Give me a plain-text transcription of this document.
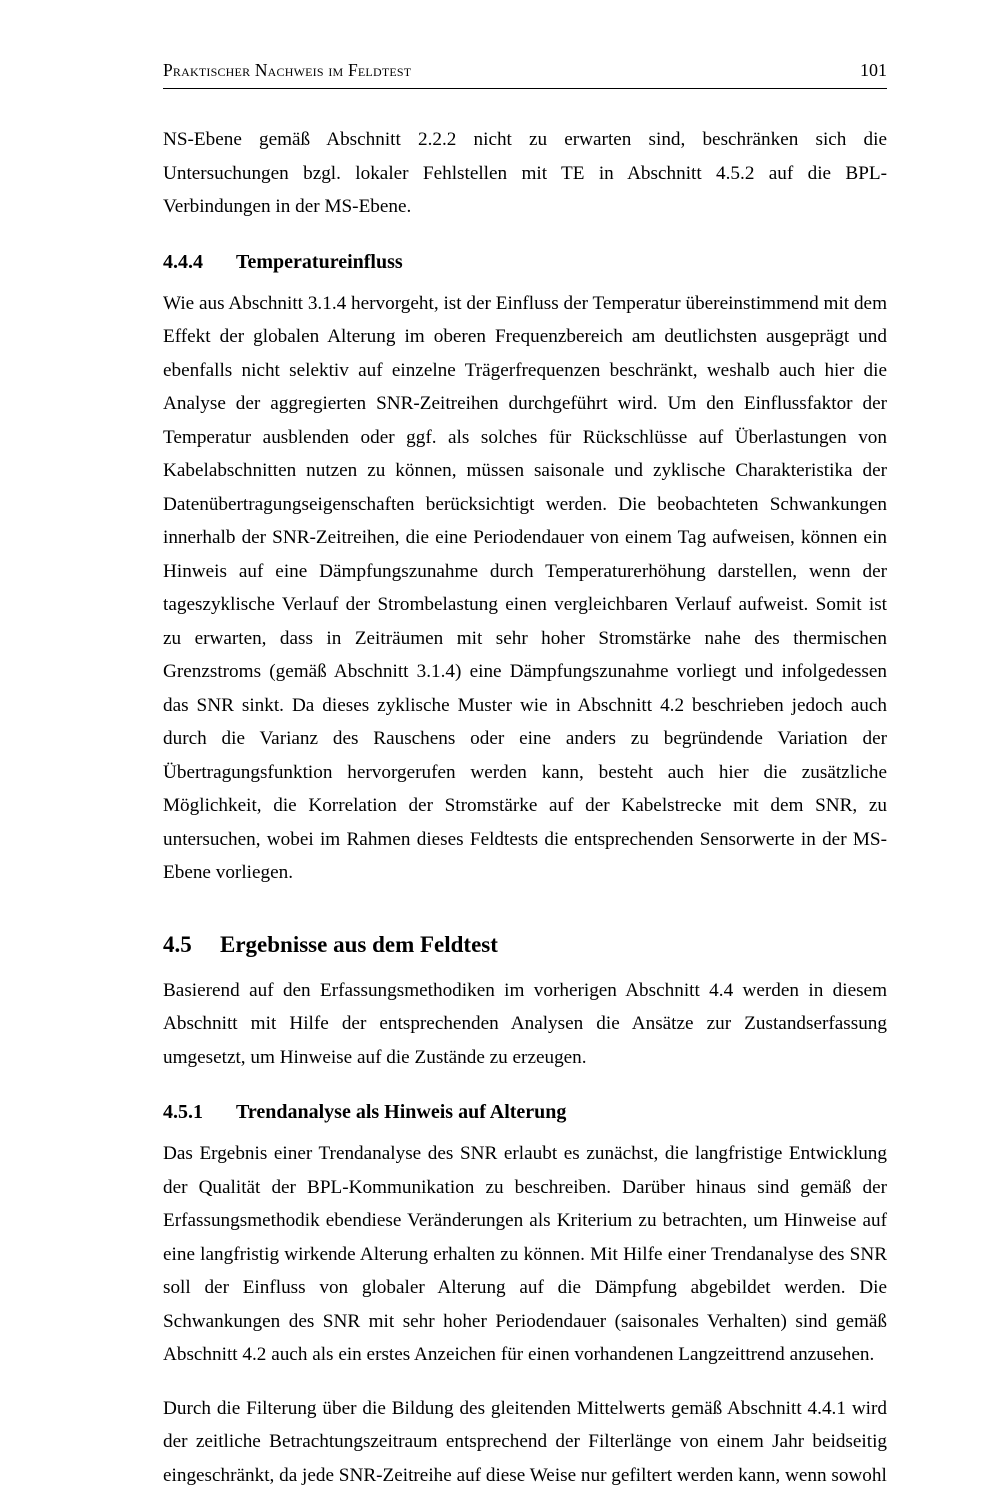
Praktischer Nachweis im Feldtest	101

NS-Ebene gemäß Abschnitt 2.2.2 nicht zu erwarten sind, beschränken sich die Untersuchungen bzgl. lokaler Fehlstellen mit TE in Abschnitt 4.5.2 auf die BPL-Verbindungen in der MS-Ebene.

4.4.4 Temperatureinfluss

Wie aus Abschnitt 3.1.4 hervorgeht, ist der Einfluss der Temperatur übereinstimmend mit dem Effekt der globalen Alterung im oberen Frequenzbereich am deutlichsten ausgeprägt und ebenfalls nicht selektiv auf einzelne Trägerfrequenzen beschränkt, weshalb auch hier die Analyse der aggregierten SNR-Zeitreihen durchgeführt wird. Um den Einflussfaktor der Temperatur ausblenden oder ggf. als solches für Rückschlüsse auf Überlastungen von Kabelabschnitten nutzen zu können, müssen saisonale und zyklische Charakteristika der Datenübertragungseigenschaften berücksichtigt werden. Die beobachteten Schwankungen innerhalb der SNR-Zeitreihen, die eine Periodendauer von einem Tag aufweisen, können ein Hinweis auf eine Dämpfungszunahme durch Temperaturerhöhung darstellen, wenn der tageszyklische Verlauf der Strombelastung einen vergleichbaren Verlauf aufweist. Somit ist zu erwarten, dass in Zeiträumen mit sehr hoher Stromstärke nahe des thermischen Grenzstroms (gemäß Abschnitt 3.1.4) eine Dämpfungszunahme vorliegt und infolgedessen das SNR sinkt. Da dieses zyklische Muster wie in Abschnitt 4.2 beschrieben jedoch auch durch die Varianz des Rauschens oder eine anders zu begründende Variation der Übertragungsfunktion hervorgerufen werden kann, besteht auch hier die zusätzliche Möglichkeit, die Korrelation der Stromstärke auf der Kabelstrecke mit dem SNR, zu untersuchen, wobei im Rahmen dieses Feldtests die entsprechenden Sensorwerte in der MS-Ebene vorliegen.

4.5 Ergebnisse aus dem Feldtest

Basierend auf den Erfassungsmethodiken im vorherigen Abschnitt 4.4 werden in diesem Abschnitt mit Hilfe der entsprechenden Analysen die Ansätze zur Zustandserfassung umgesetzt, um Hinweise auf die Zustände zu erzeugen.

4.5.1 Trendanalyse als Hinweis auf Alterung

Das Ergebnis einer Trendanalyse des SNR erlaubt es zunächst, die langfristige Entwicklung der Qualität der BPL-Kommunikation zu beschreiben. Darüber hinaus sind gemäß der Erfassungsmethodik ebendiese Veränderungen als Kriterium zu betrachten, um Hinweise auf eine langfristig wirkende Alterung erhalten zu können. Mit Hilfe einer Trendanalyse des SNR soll der Einfluss von globaler Alterung auf die Dämpfung abgebildet werden. Die Schwankungen des SNR mit sehr hoher Periodendauer (saisonales Verhalten) sind gemäß Abschnitt 4.2 auch als ein erstes Anzeichen für einen vorhandenen Langzeittrend anzusehen.

Durch die Filterung über die Bildung des gleitenden Mittelwerts gemäß Abschnitt 4.4.1 wird der zeitliche Betrachtungszeitraum entsprechend der Filterlänge von einem Jahr beidseitig eingeschränkt, da jede SNR-Zeitreihe auf diese Weise nur gefiltert werden kann, wenn sowohl
